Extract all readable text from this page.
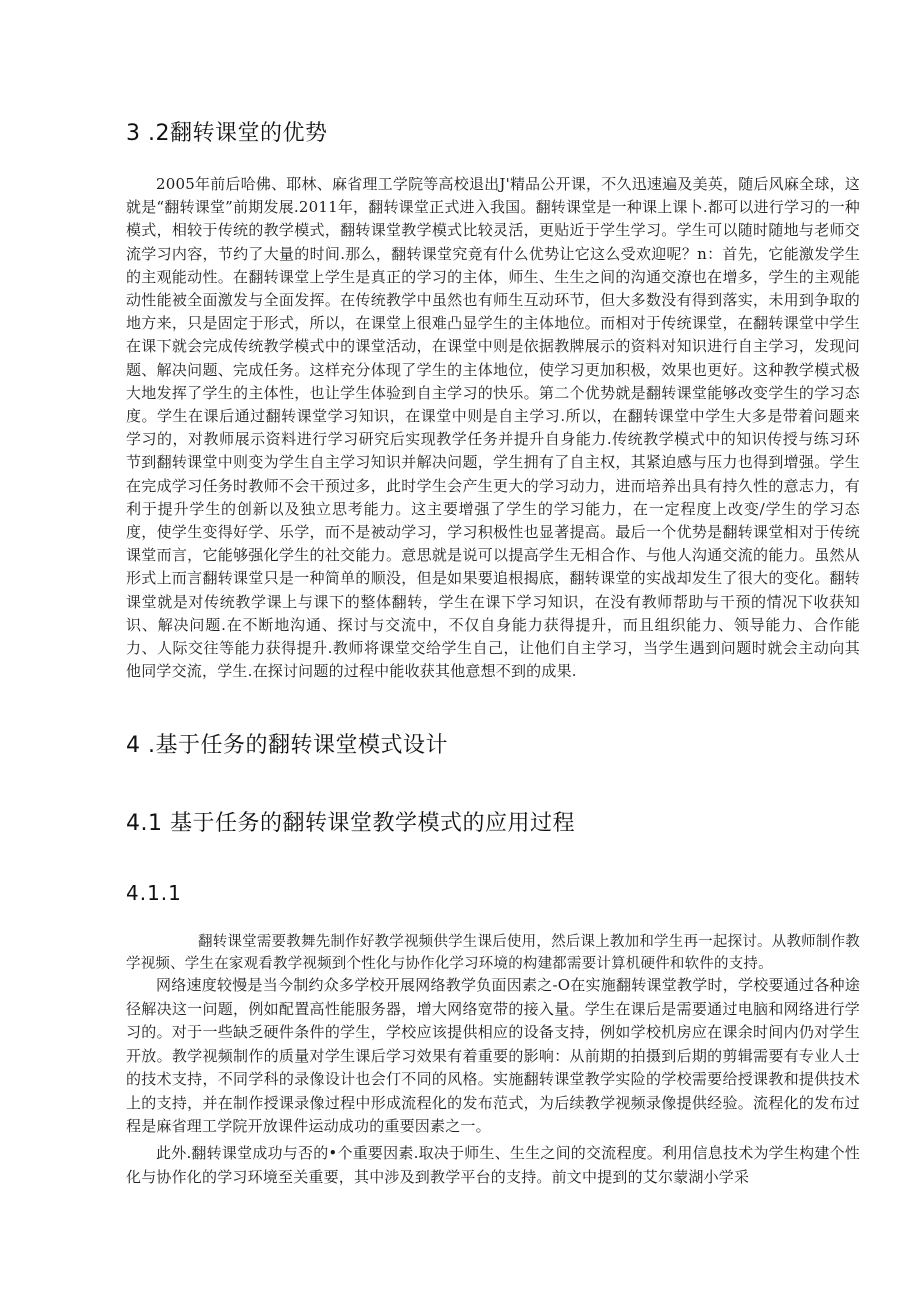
3 .2翻转课堂的优势

2005年前后哈佛、耶林、麻省理工学院等高校退出J'精品公开课，不久迅速遍及美英，随后风麻全球，这就是“翻转课堂”前期发展.2011年，翻转课堂正式进入我国。翻转课堂是一种课上课卜.都可以进行学习的一种模式，相较于传统的教学模式，翻转课堂教学模式比较灵活，更贴近于学生学习。学生可以随时随地与老师交流学习内容，节约了大量的时间.那么，翻转课堂究竟有什么优势让它这么受欢迎呢？n：首先，它能激发学生的主观能动性。在翻转课堂上学生是真正的学习的主体，师生、生生之间的沟通交潦也在增多，学生的主观能动性能被全面激发与全面发挥。在传统教学中虽然也有师生互动环节，但大多数没有得到落实，未用到争取的地方来，只是固定于形式，所以，在课堂上很难凸显学生的主体地位。而相对于传统课堂，在翻转课堂中学生在课下就会完成传统教学模式中的课堂活动，在课堂中则是依据教牌展示的资料对知识进行自主学习，发现问题、解决问题、完成任务。这样充分体现了学生的主体地位，使学习更加积极，效果也更好。这种教学模式极大地发挥了学生的主体性，也让学生体验到自主学习的快乐。第二个优势就是翻转课堂能够改变学生的学习态度。学生在课后通过翻转课堂学习知识，在课堂中则是自主学习.所以，在翻转课堂中学生大多是带着问题来学习的，对教师展示资料进行学习研究后实现教学任务并提升自身能力.传统教学模式中的知识传授与练习环节到翻转课堂中则变为学生自主学习知识并解决问题，学生拥有了自主权，其紧迫感与压力也得到增强。学生在完成学习任务时教师不会干预过多，此时学生会产生更大的学习动力，进而培养出具有持久性的意志力，有利于提升学生的创新以及独立思考能力。这主要增强了学生的学习能力，在一定程度上改变/学生的学习态度，使学生变得好学、乐学，而不是被动学习，学习积极性也显著提高。最后一个优势是翻转课堂相对于传统课堂而言，它能够强化学生的社交能力。意思就是说可以提高学生无相合作、与他人沟通交流的能力。虽然从形式上而言翻转课堂只是一种简单的顺没，但是如果要追根揭底，翻转课堂的实战却发生了很大的变化。翻转课堂就是对传统教学课上与课下的整体翻转，学生在课下学习知识，在没有教师帮助与干预的情况下收获知识、解决问题.在不断地沟通、探讨与交流中，不仅自身能力获得提升，而且组织能力、领导能力、合作能力、人际交往等能力获得提升.教师将课堂交给学生自己，让他们自主学习，当学生遇到问题时就会主动向其他同学交流，学生.在探讨问题的过程中能收获其他意想不到的成果.

4 .基于任务的翻转课堂模式设计
4.1 基于任务的翻转课堂教学模式的应用过程
4.1.1

翻转课堂需要教舞先制作好教学视频供学生课后使用，然后课上教加和学生再一起探讨。从教师制作教学视频、学生在家观看教学视频到个性化与协作化学习环境的构建都需要计算机硬件和软件的支持。

网络速度较慢是当今制约众多学校开展网络教学负面因素之-O在实施翻转课堂教学时，学校要通过各种途径解决这一问题，例如配置高性能服务器，增大网络宽带的接入量。学生在课后是需要通过电脑和网络进行学习的。对于一些缺乏硬件条件的学生，学校应该提供相应的设备支持，例如学校机房应在课余时间内仍对学生开放。教学视频制作的质量对学生课后学习效果有着重要的影响：从前期的拍摄到后期的剪辑需要有专业人士的技术支持，不同学科的录像设计也会仃不同的风格。实施翻转课堂教学实险的学校需要给授课教和提供技术上的支持，并在制作授课录像过程中形成流程化的发布范式，为后续教学视频录像提供经验。流程化的发布过程是麻省理工学院开放课件运动成功的重要因素之一。

此外.翻转课堂成功与否的•个重要因素.取决于师生、生生之间的交流程度。利用信息技术为学生构建个性化与协作化的学习环境至关重要，其中涉及到教学平台的支持。前文中提到的艾尔蒙湖小学采
